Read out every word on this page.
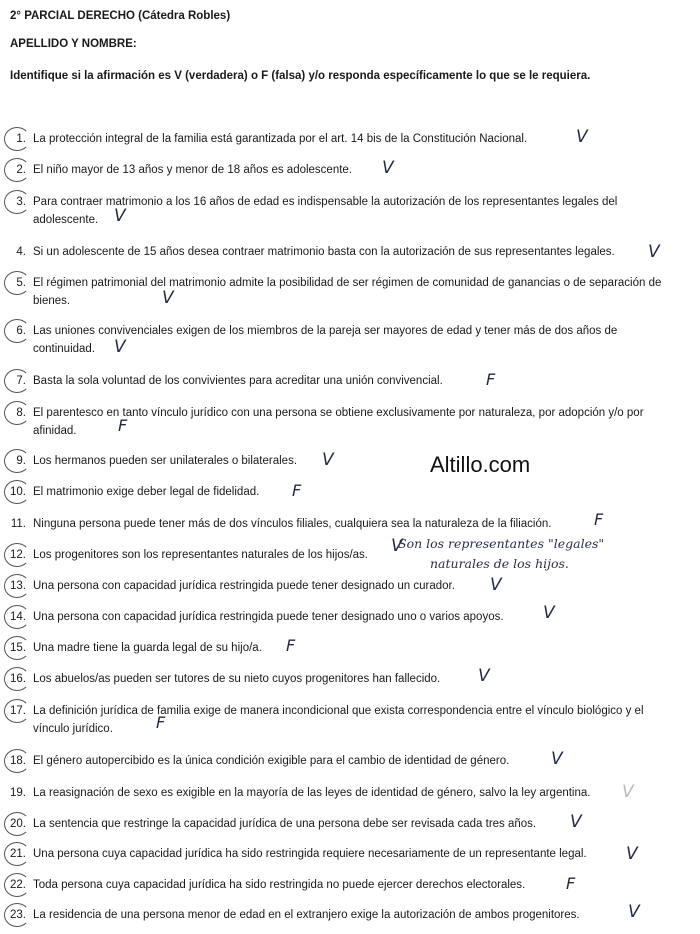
2° PARCIAL DERECHO (Cátedra Robles)
APELLIDO Y NOMBRE:
Identifique si la afirmación es V (verdadera) o F (falsa) y/o responda específicamente lo que se le requiera.
Altillo.com
1. La protección integral de la familia está garantizada por el art. 14 bis de la Constitución Nacional.	V
2. El niño mayor de 13 años y menor de 18 años es adolescente.	V
3. Para contraer matrimonio a los 16 años de edad es indispensable la autorización de los representantes legales del adolescente. V
4. Si un adolescente de 15 años desea contraer matrimonio basta con la autorización de sus representantes legales.	V
5. El régimen patrimonial del matrimonio admite la posibilidad de ser régimen de comunidad de ganancias o de separación de bienes.	V
6. Las uniones convivenciales exigen de los miembros de la pareja ser mayores de edad y tener más de dos años de continuidad.	V
7. Basta la sola voluntad de los convivientes para acreditar una unión convivencial.	F
8. El parentesco en tanto vínculo jurídico con una persona se obtiene exclusivamente por naturaleza, por adopción y/o por afinidad.	F
9. Los hermanos pueden ser unilaterales o bilaterales.	V
10. El matrimonio exige deber legal de fidelidad.	F
11. Ninguna persona puede tener más de dos vínculos filiales, cualquiera sea la naturaleza de la filiación.	F
12. Los progenitores son los representantes naturales de los hijos/as.	V
Son los representantes "legales"
naturales de los hijos.
13. Una persona con capacidad jurídica restringida puede tener designado un curador.	V
14. Una persona con capacidad jurídica restringida puede tener designado uno o varios apoyos.	V
15. Una madre tiene la guarda legal de su hijo/a.	F
16. Los abuelos/as pueden ser tutores de su nieto cuyos progenitores han fallecido.	V
17. La definición jurídica de familia exige de manera incondicional que exista correspondencia entre el vínculo biológico y el vínculo jurídico.	F
18. El género autopercibido es la única condición exigible para el cambio de identidad de género.	V
19. La reasignación de sexo es exigible en la mayoría de las leyes de identidad de género, salvo la ley argentina.	V
20. La sentencia que restringe la capacidad jurídica de una persona debe ser revisada cada tres años.	V
21. Una persona cuya capacidad jurídica ha sido restringida requiere necesariamente de un representante legal.	V
22. Toda persona cuya capacidad jurídica ha sido restringida no puede ejercer derechos electorales.	F
23. La residencia de una persona menor de edad en el extranjero exige la autorización de ambos progenitores.	V
